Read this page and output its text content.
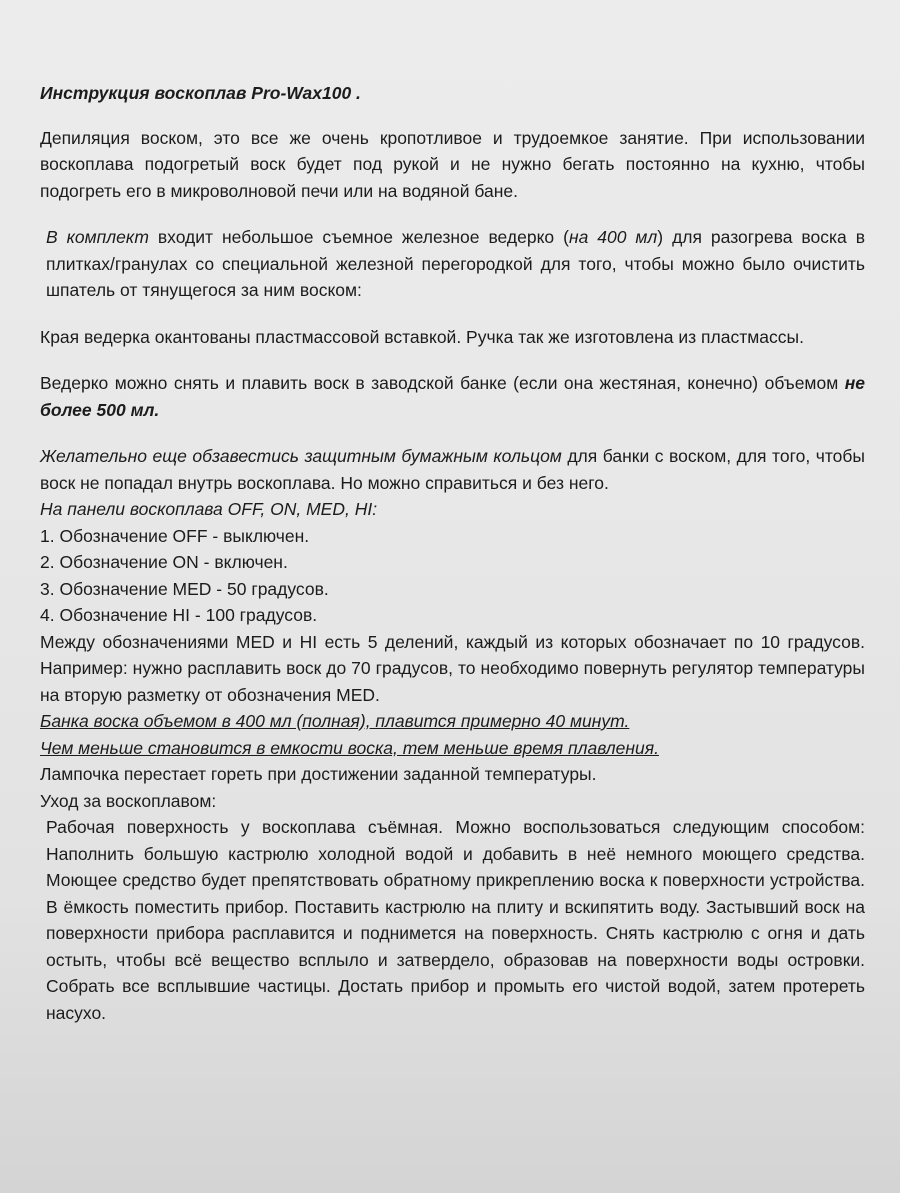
Инструкция воскоплав Pro-Wax100 .

Депиляция воском, это все же очень кропотливое и трудоемкое занятие. При использовании воскоплава подогретый воск будет под рукой и не нужно бегать постоянно на кухню, чтобы подогреть его в микроволновой печи или на водяной бане.

В комплект входит небольшое съемное железное ведерко (на 400 мл) для разогрева воска в плитках/гранулах со специальной железной перегородкой для того, чтобы можно было очистить шпатель от тянущегося за ним воском:

Края ведерка окантованы пластмассовой вставкой. Ручка так же изготовлена из пластмассы.

Ведерко можно снять и плавить воск в заводской банке (если она жестяная, конечно) объемом не более 500 мл.

Желательно еще обзавестись защитным бумажным кольцом для банки с воском, для того, чтобы воск не попадал внутрь воскоплава. Но можно справиться и без него.

На панели воскоплава OFF, ON, MED, HI:
1. Обозначение OFF - выключен.
2. Обозначение ON - включен.
3. Обозначение MED - 50 градусов.
4. Обозначение HI - 100 градусов.

Между обозначениями MED и HI есть 5 делений, каждый из которых обозначает по 10 градусов. Например: нужно расплавить воск до 70 градусов, то необходимо повернуть регулятор температуры на вторую разметку от обозначения MED.

Банка воска объемом в 400 мл (полная), плавится примерно 40 минут.
Чем меньше становится в емкости воска, тем меньше время плавления.
Лампочка перестает гореть при достижении заданной температуры.
Уход за воскоплавом:

Рабочая поверхность у воскоплава съёмная. Можно воспользоваться следующим способом: Наполнить большую кастрюлю холодной водой и добавить в неё немного моющего средства. Моющее средство будет препятствовать обратному прикреплению воска к поверхности устройства. В ёмкость поместить прибор. Поставить кастрюлю на плиту и вскипятить воду. Застывший воск на поверхности прибора расплавится и поднимется на поверхность. Снять кастрюлю с огня и дать остыть, чтобы всё вещество всплыло и затвердело, образовав на поверхности воды островки. Собрать все всплывшие частицы. Достать прибор и промыть его чистой водой, затем протереть насухо.
